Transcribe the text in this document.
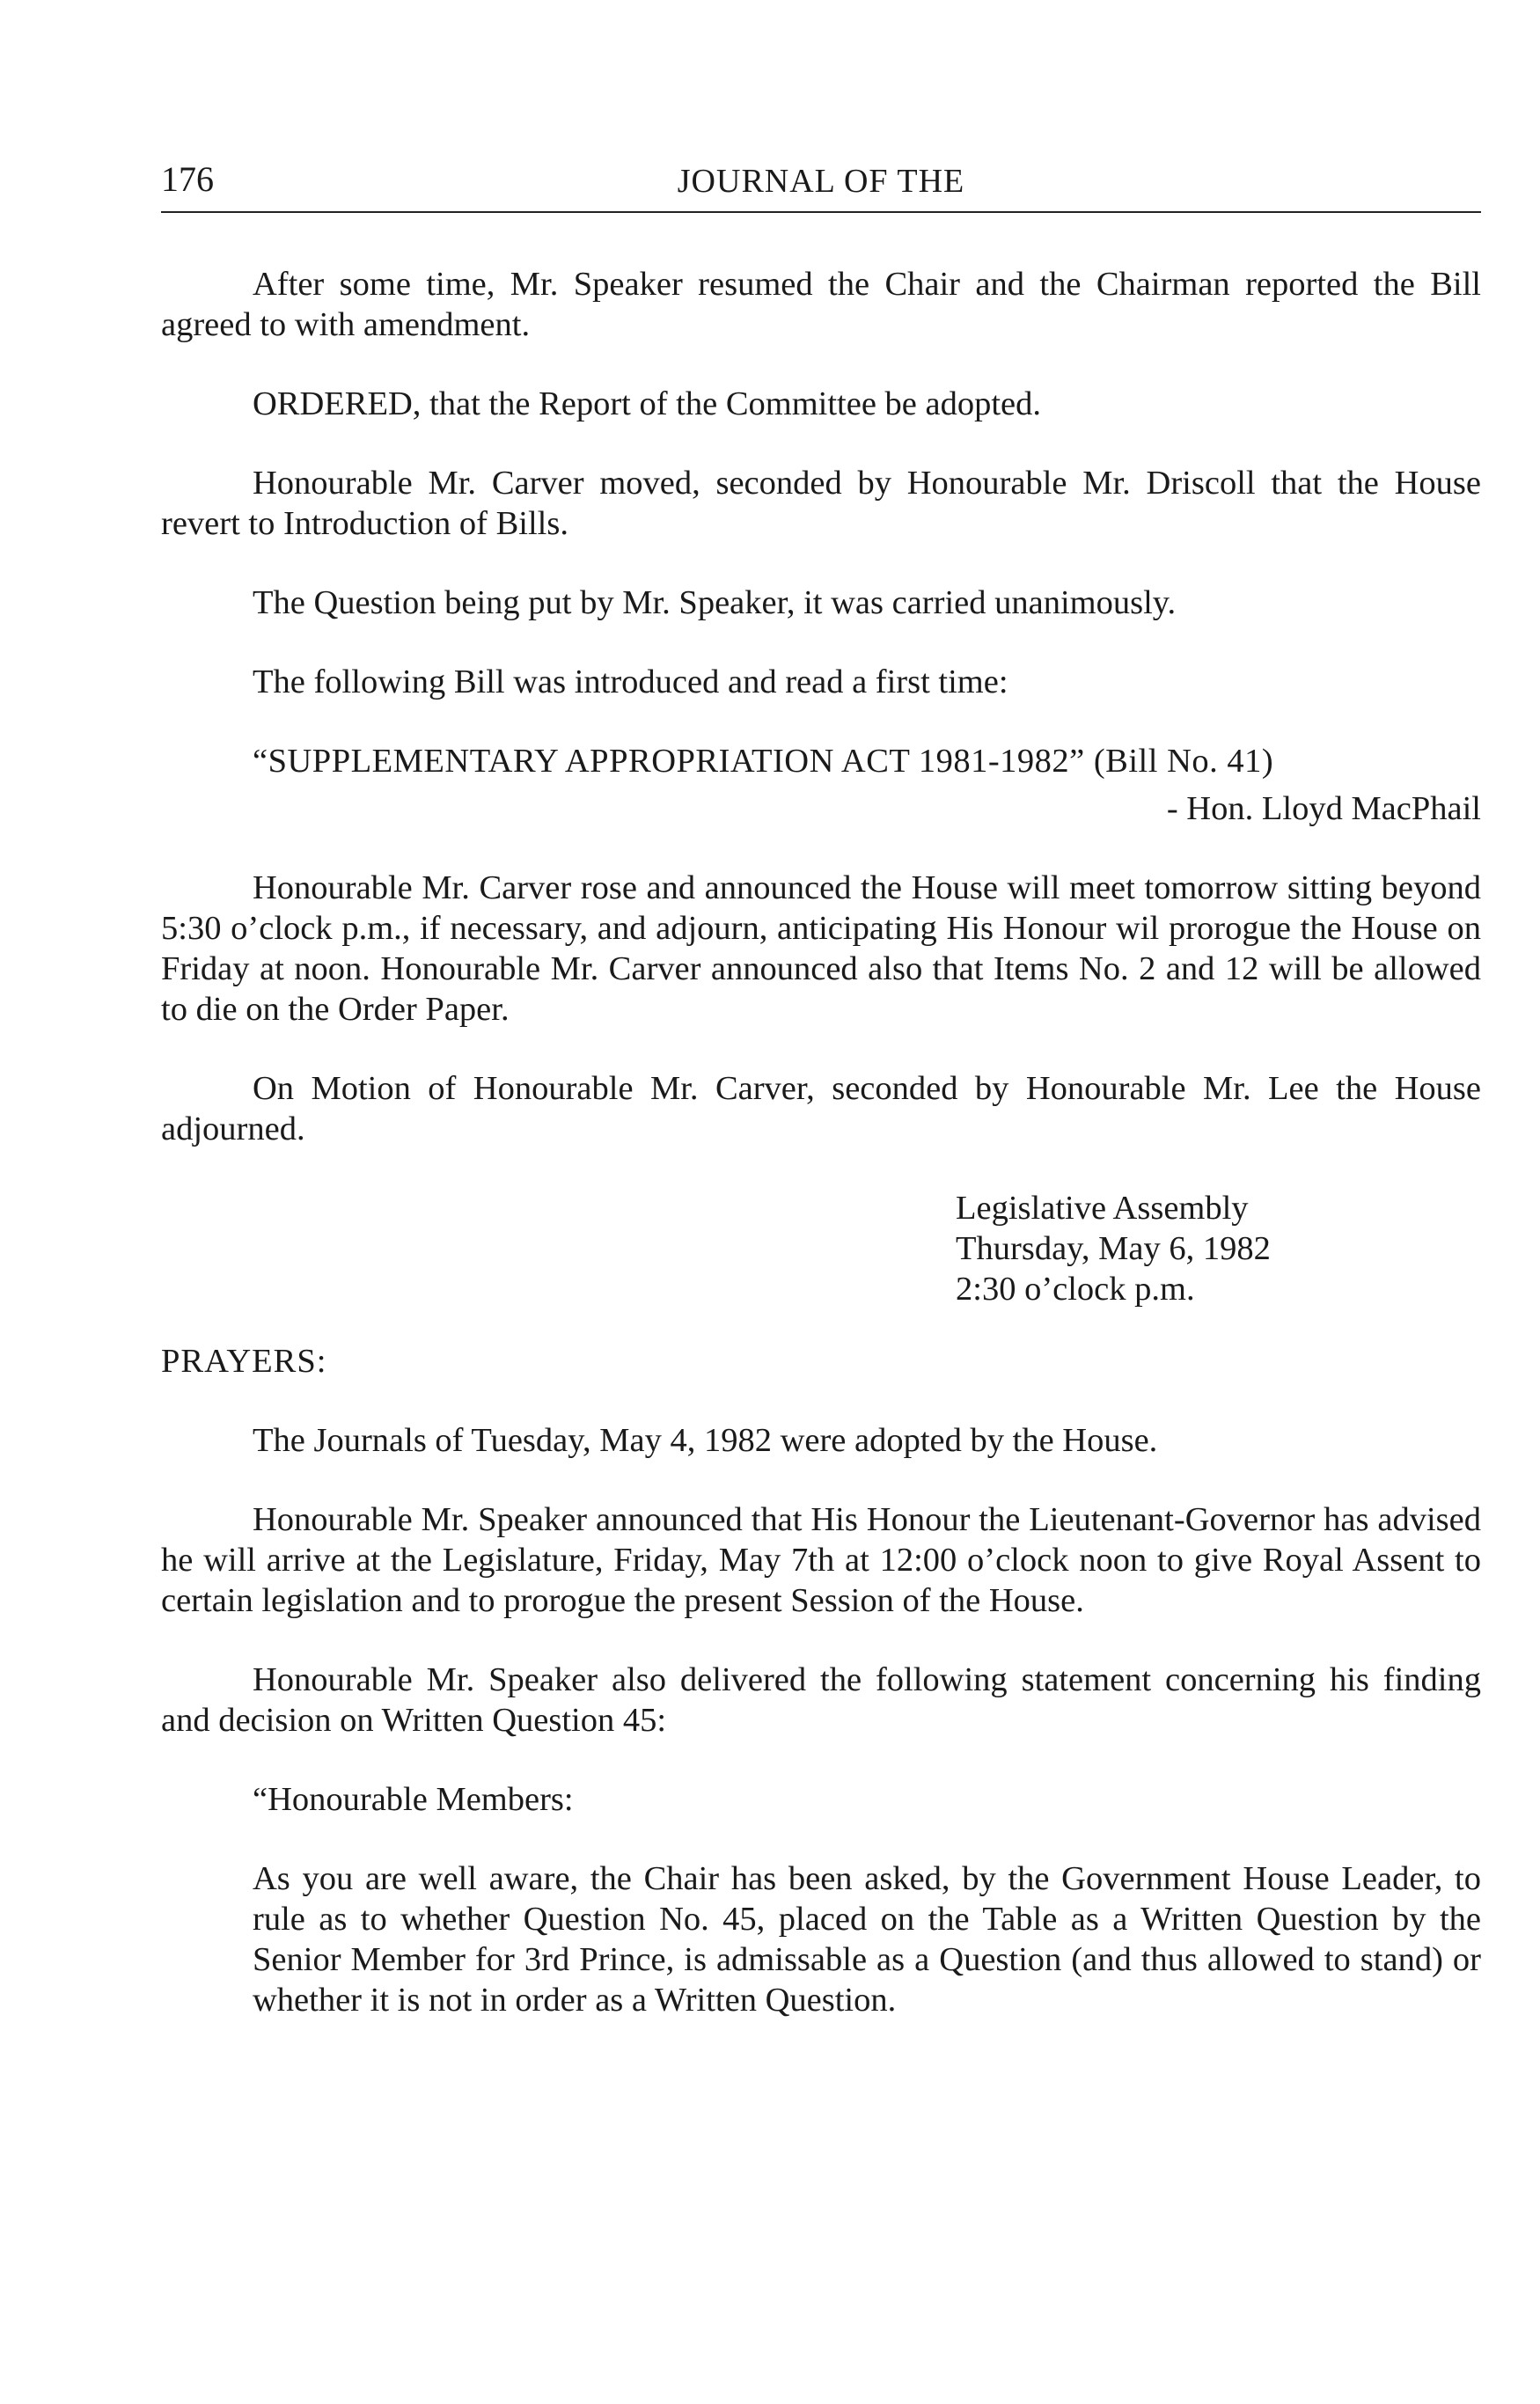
176	JOURNAL OF THE

After some time, Mr. Speaker resumed the Chair and the Chairman reported the Bill agreed to with amendment.

ORDERED, that the Report of the Committee be adopted.

Honourable Mr. Carver moved, seconded by Honourable Mr. Driscoll that the House revert to Introduction of Bills.

The Question being put by Mr. Speaker, it was carried unanimously.

The following Bill was introduced and read a first time:

“SUPPLEMENTARY APPROPRIATION ACT 1981-1982” (Bill No. 41)

- Hon. Lloyd MacPhail

Honourable Mr. Carver rose and announced the House will meet tomorrow sitting beyond 5:30 o’clock p.m., if necessary, and adjourn, anticipating His Honour wil prorogue the House on Friday at noon. Honourable Mr. Carver announced also that Items No. 2 and 12 will be allowed to die on the Order Paper.

On Motion of Honourable Mr. Carver, seconded by Honourable Mr. Lee the House adjourned.

Legislative Assembly
Thursday, May 6, 1982
2:30 o’clock p.m.

PRAYERS:

The Journals of Tuesday, May 4, 1982 were adopted by the House.

Honourable Mr. Speaker announced that His Honour the Lieutenant-Governor has advised he will arrive at the Legislature, Friday, May 7th at 12:00 o’clock noon to give Royal Assent to certain legislation and to prorogue the present Session of the House.

Honourable Mr. Speaker also delivered the following statement concerning his finding and decision on Written Question 45:

“Honourable Members:

As you are well aware, the Chair has been asked, by the Government House Leader, to rule as to whether Question No. 45, placed on the Table as a Written Question by the Senior Member for 3rd Prince, is admissable as a Question (and thus allowed to stand) or whether it is not in order as a Written Question.
